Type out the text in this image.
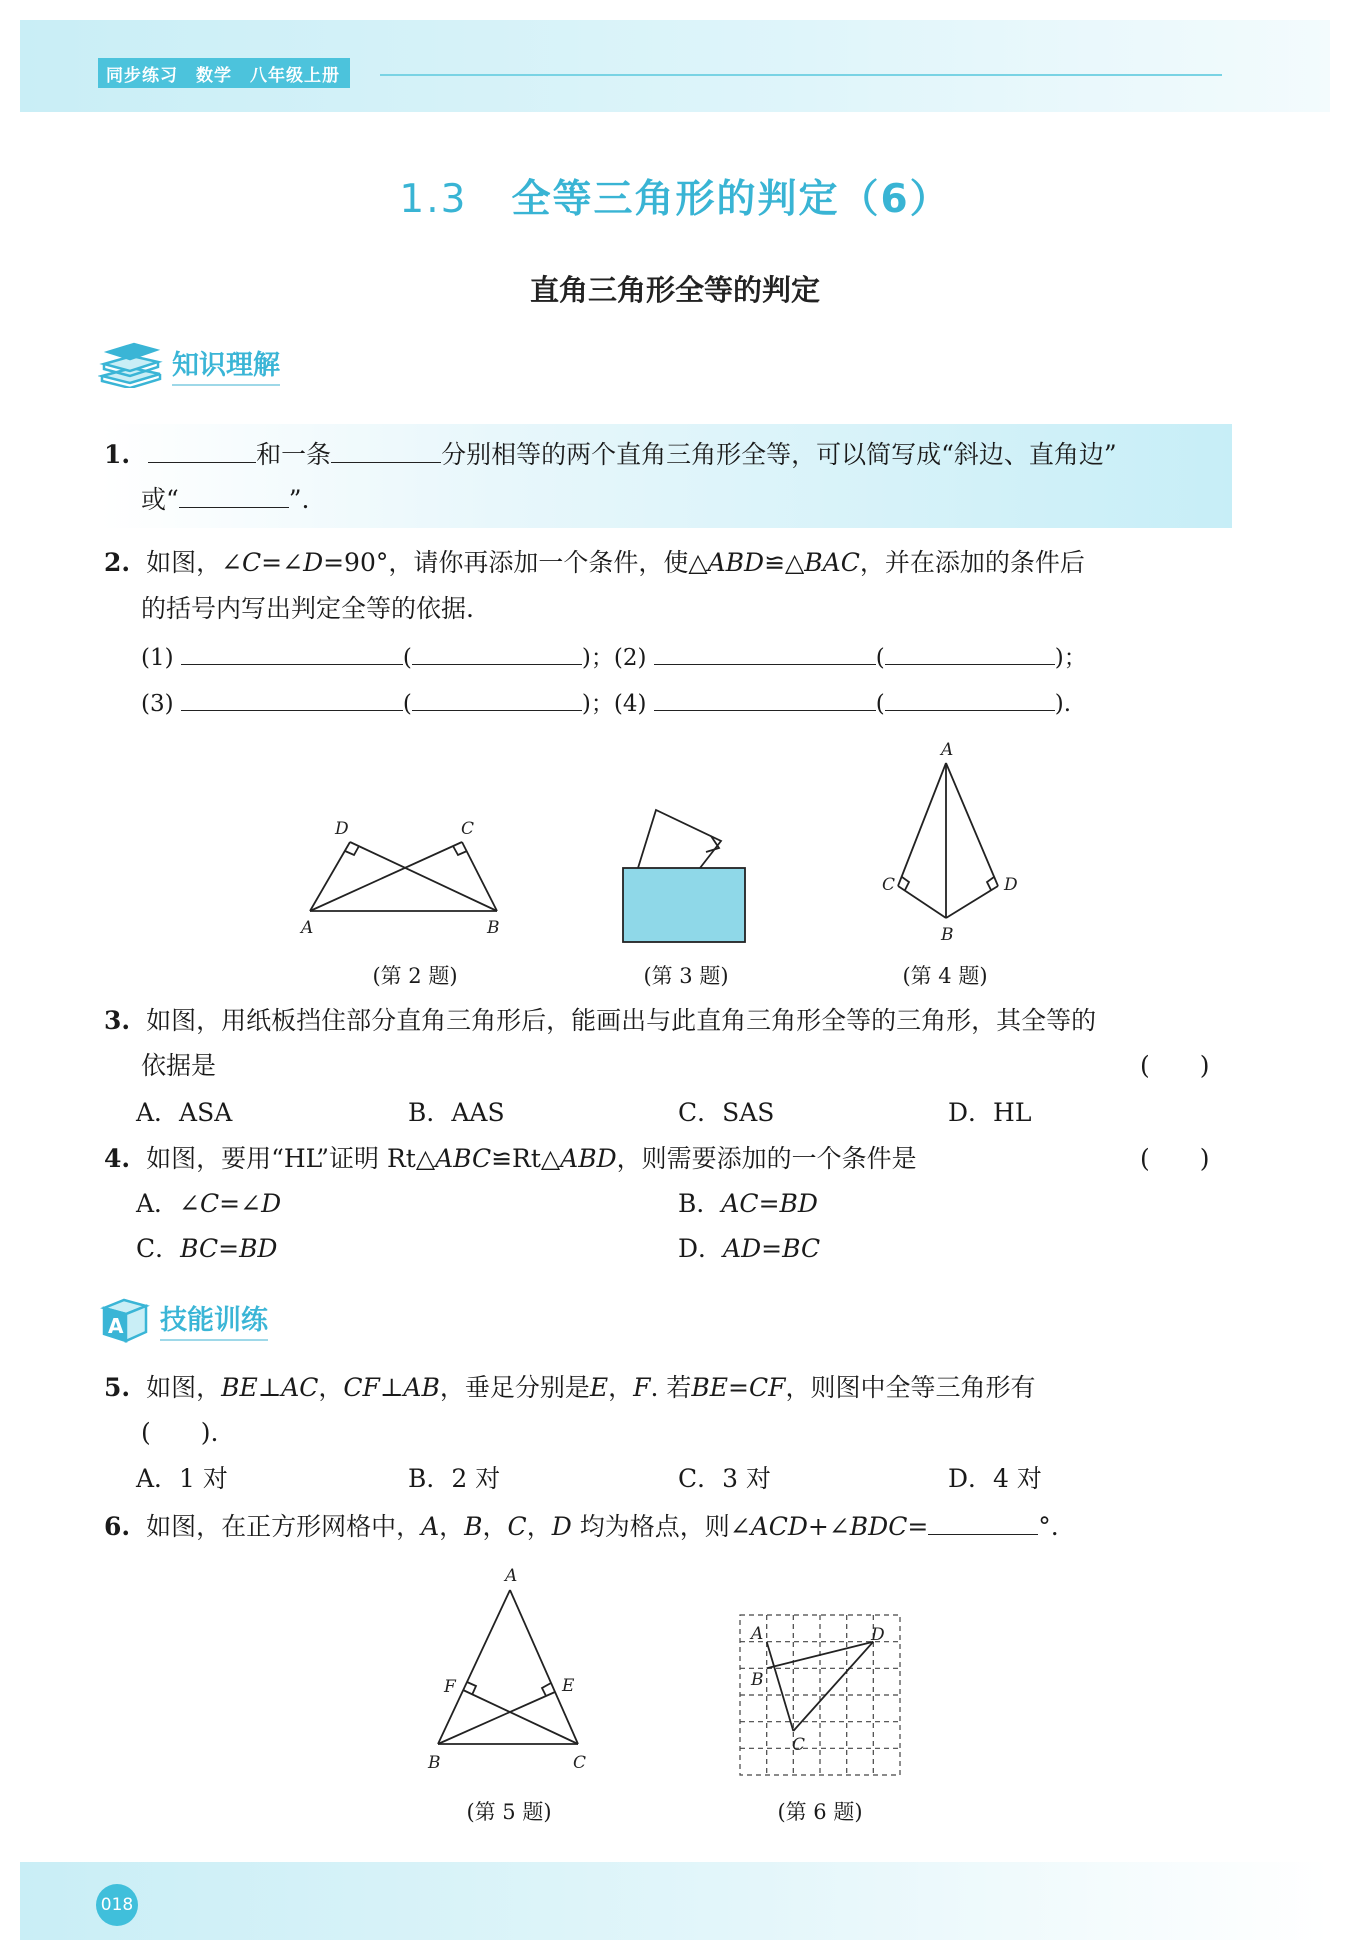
同步练习 数学 八年级上册
1.3 全等三角形的判定（6）
直角三角形全等的判定
知识理解
1.	和一条	分别相等的两个直角三角形全等，可以简写成“斜边、直角边”
或“	”.
2. 如图，∠C=∠D=90°，请你再添加一个条件，使△ABD≌△BAC，并在添加的条件后
的括号内写出判定全等的依据.
(1)	(	)；(2)	(	)；
(3)	(	)；(4)	(	).
D	C
A	B
(第 2 题)	(第 3 题)
A
C	D
B
(第 4 题)
3. 如图，用纸板挡住部分直角三角形后，能画出与此直角三角形全等的三角形，其全等的
依据是	(　　)
A．ASA	B．AAS	C．SAS	D．HL
4. 如图，要用“HL”证明 Rt△ABC≌Rt△ABD，则需要添加的一个条件是	(　　)
A．∠C=∠D	B．AC=BD
C．BC=BD	D．AD=BC
A 技能训练
5. 如图，BE⊥AC，CF⊥AB，垂足分别是E，F. 若BE=CF，则图中全等三角形有
(　　).
A．1 对	B．2 对	C．3 对	D．4 对
6. 如图，在正方形网格中，A，B，C，D 均为格点，则∠ACD+∠BDC=	°.
A
F	E
B	C
(第 5 题)
A
B
C
D
(第 6 题)
018
